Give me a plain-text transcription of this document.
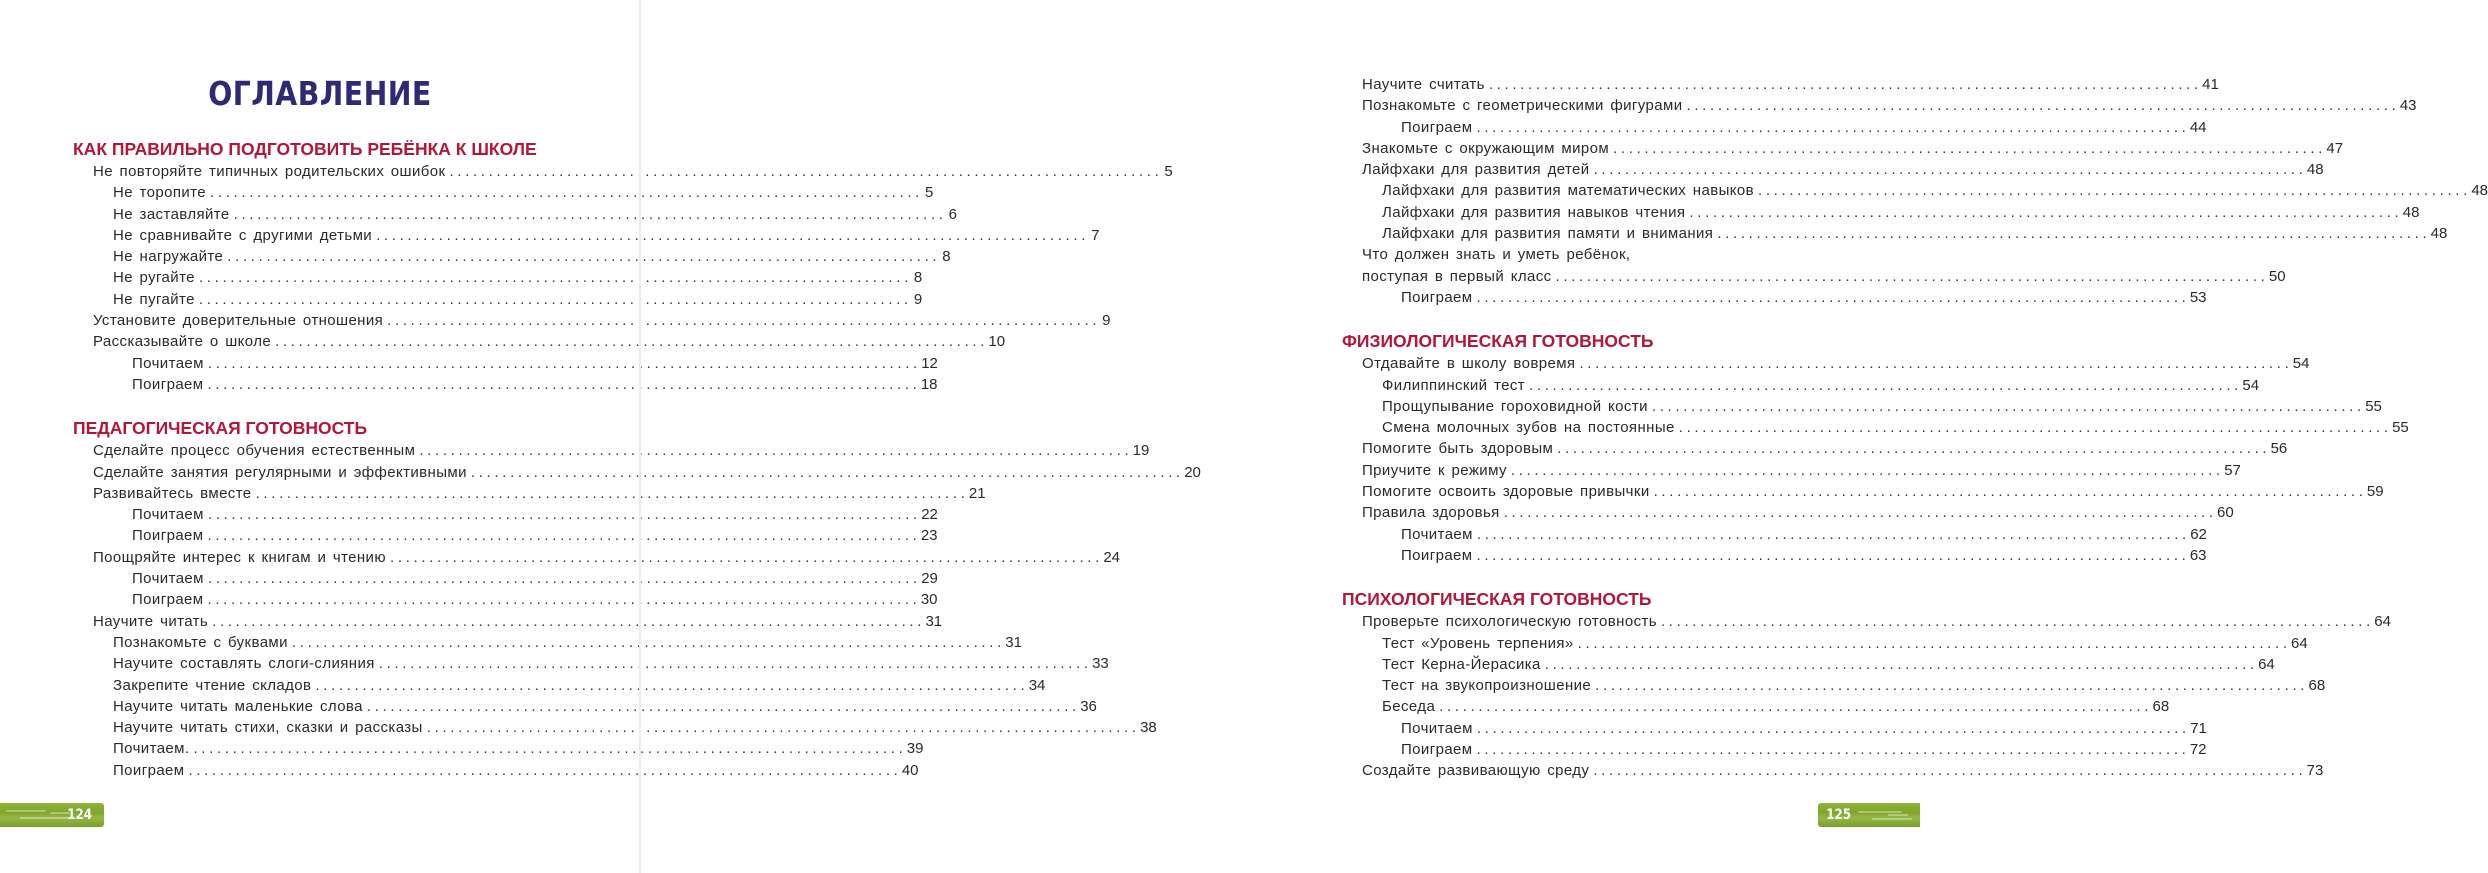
ОГЛАВЛЕНИЕ
КАК ПРАВИЛЬНО ПОДГОТОВИТЬ РЕБЁНКА К ШКОЛЕ
Не повторяйте типичных родительских ошибок . . .	5
Не торопите . . .	5
Не заставляйте . . .	6
Не сравнивайте с другими детьми . . .	7
Не нагружайте . . .	8
Не ругайте . . .	8
Не пугайте . . .	9
Установите доверительные отношения . . .	9
Рассказывайте о школе . . .	10
Почитаем . . .	12
Поиграем . . .	18
ПЕДАГОГИЧЕСКАЯ ГОТОВНОСТЬ
Сделайте процесс обучения естественным . . .	19
Сделайте занятия регулярными и эффективными . . .	20
Развивайтесь вместе . . .	21
Почитаем . . .	22
Поиграем . . .	23
Поощряйте интерес к книгам и чтению . . .	24
Почитаем . . .	29
Поиграем . . .	30
Научите читать . . .	31
Познакомьте с буквами . . .	31
Научите составлять слоги-слияния . . .	33
Закрепите чтение складов . . .	34
Научите читать маленькие слова . . .	36
Научите читать стихи, сказки и рассказы . . .	38
Почитаем. . . .	39
Поиграем . . .	40
124
Научите считать . . .	41
Познакомьте с геометрическими фигурами . . .	43
Поиграем . . .	44
Знакомьте с окружающим миром . . .	47
Лайфхаки для развития детей . . .	48
Лайфхаки для развития математических навыков . . .	48
Лайфхаки для развития навыков чтения . . .	48
Лайфхаки для развития памяти и внимания . . .	48
Что должен знать и уметь ребёнок,
поступая в первый класс . . .	50
Поиграем . . .	53
ФИЗИОЛОГИЧЕСКАЯ ГОТОВНОСТЬ
Отдавайте в школу вовремя . . .	54
Филиппинский тест . . .	54
Прощупывание гороховидной кости . . .	55
Смена молочных зубов на постоянные . . .	55
Помогите быть здоровым . . .	56
Приучите к режиму . . .	57
Помогите освоить здоровые привычки . . .	59
Правила здоровья . . .	60
Почитаем . . .	62
Поиграем . . .	63
ПСИХОЛОГИЧЕСКАЯ ГОТОВНОСТЬ
Проверьте психологическую готовность . . .	64
Тест «Уровень терпения» . . .	64
Тест Керна-Йерасика . . .	64
Тест на звукопроизношение . . .	68
Беседа . . .	68
Почитаем . . .	71
Поиграем . . .	72
Создайте развивающую среду . . .	73
125
